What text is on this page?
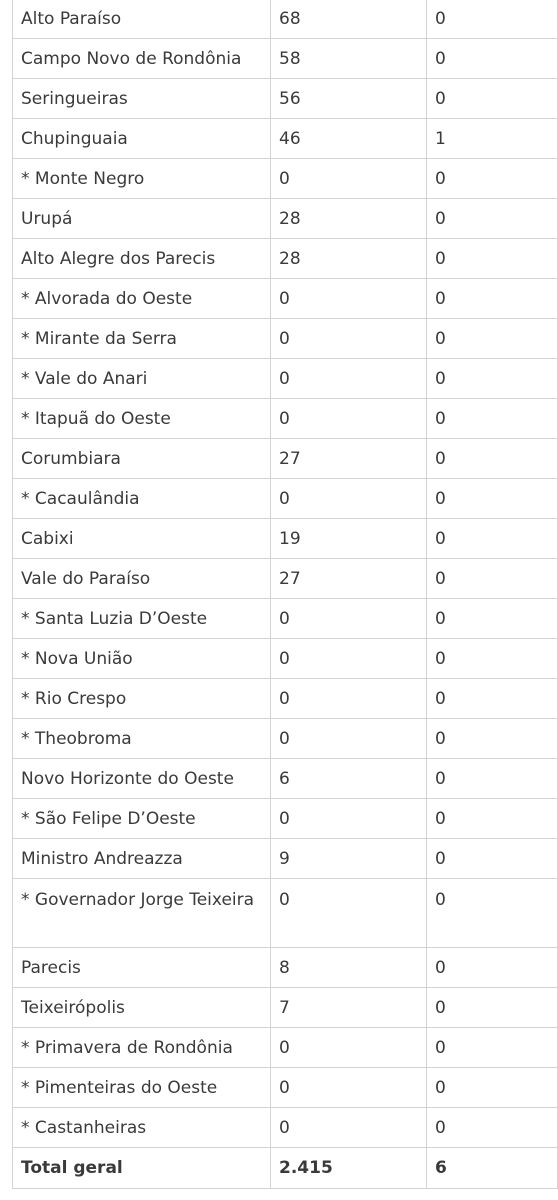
Alto Paraíso	68	0
Campo Novo de Rondônia	58	0
Seringueiras	56	0
Chupinguaia	46	1
* Monte Negro	0	0
Urupá	28	0
Alto Alegre dos Parecis	28	0
* Alvorada do Oeste	0	0
* Mirante da Serra	0	0
* Vale do Anari	0	0
* Itapuã do Oeste	0	0
Corumbiara	27	0
* Cacaulândia	0	0
Cabixi	19	0
Vale do Paraíso	27	0
* Santa Luzia D’Oeste	0	0
* Nova União	0	0
* Rio Crespo	0	0
* Theobroma	0	0
Novo Horizonte do Oeste	6	0
* São Felipe D’Oeste	0	0
Ministro Andreazza	9	0
* Governador Jorge Teixeira	0	0
Parecis	8	0
Teixeirópolis	7	0
* Primavera de Rondônia	0	0
* Pimenteiras do Oeste	0	0
* Castanheiras	0	0
Total geral	2.415	6
